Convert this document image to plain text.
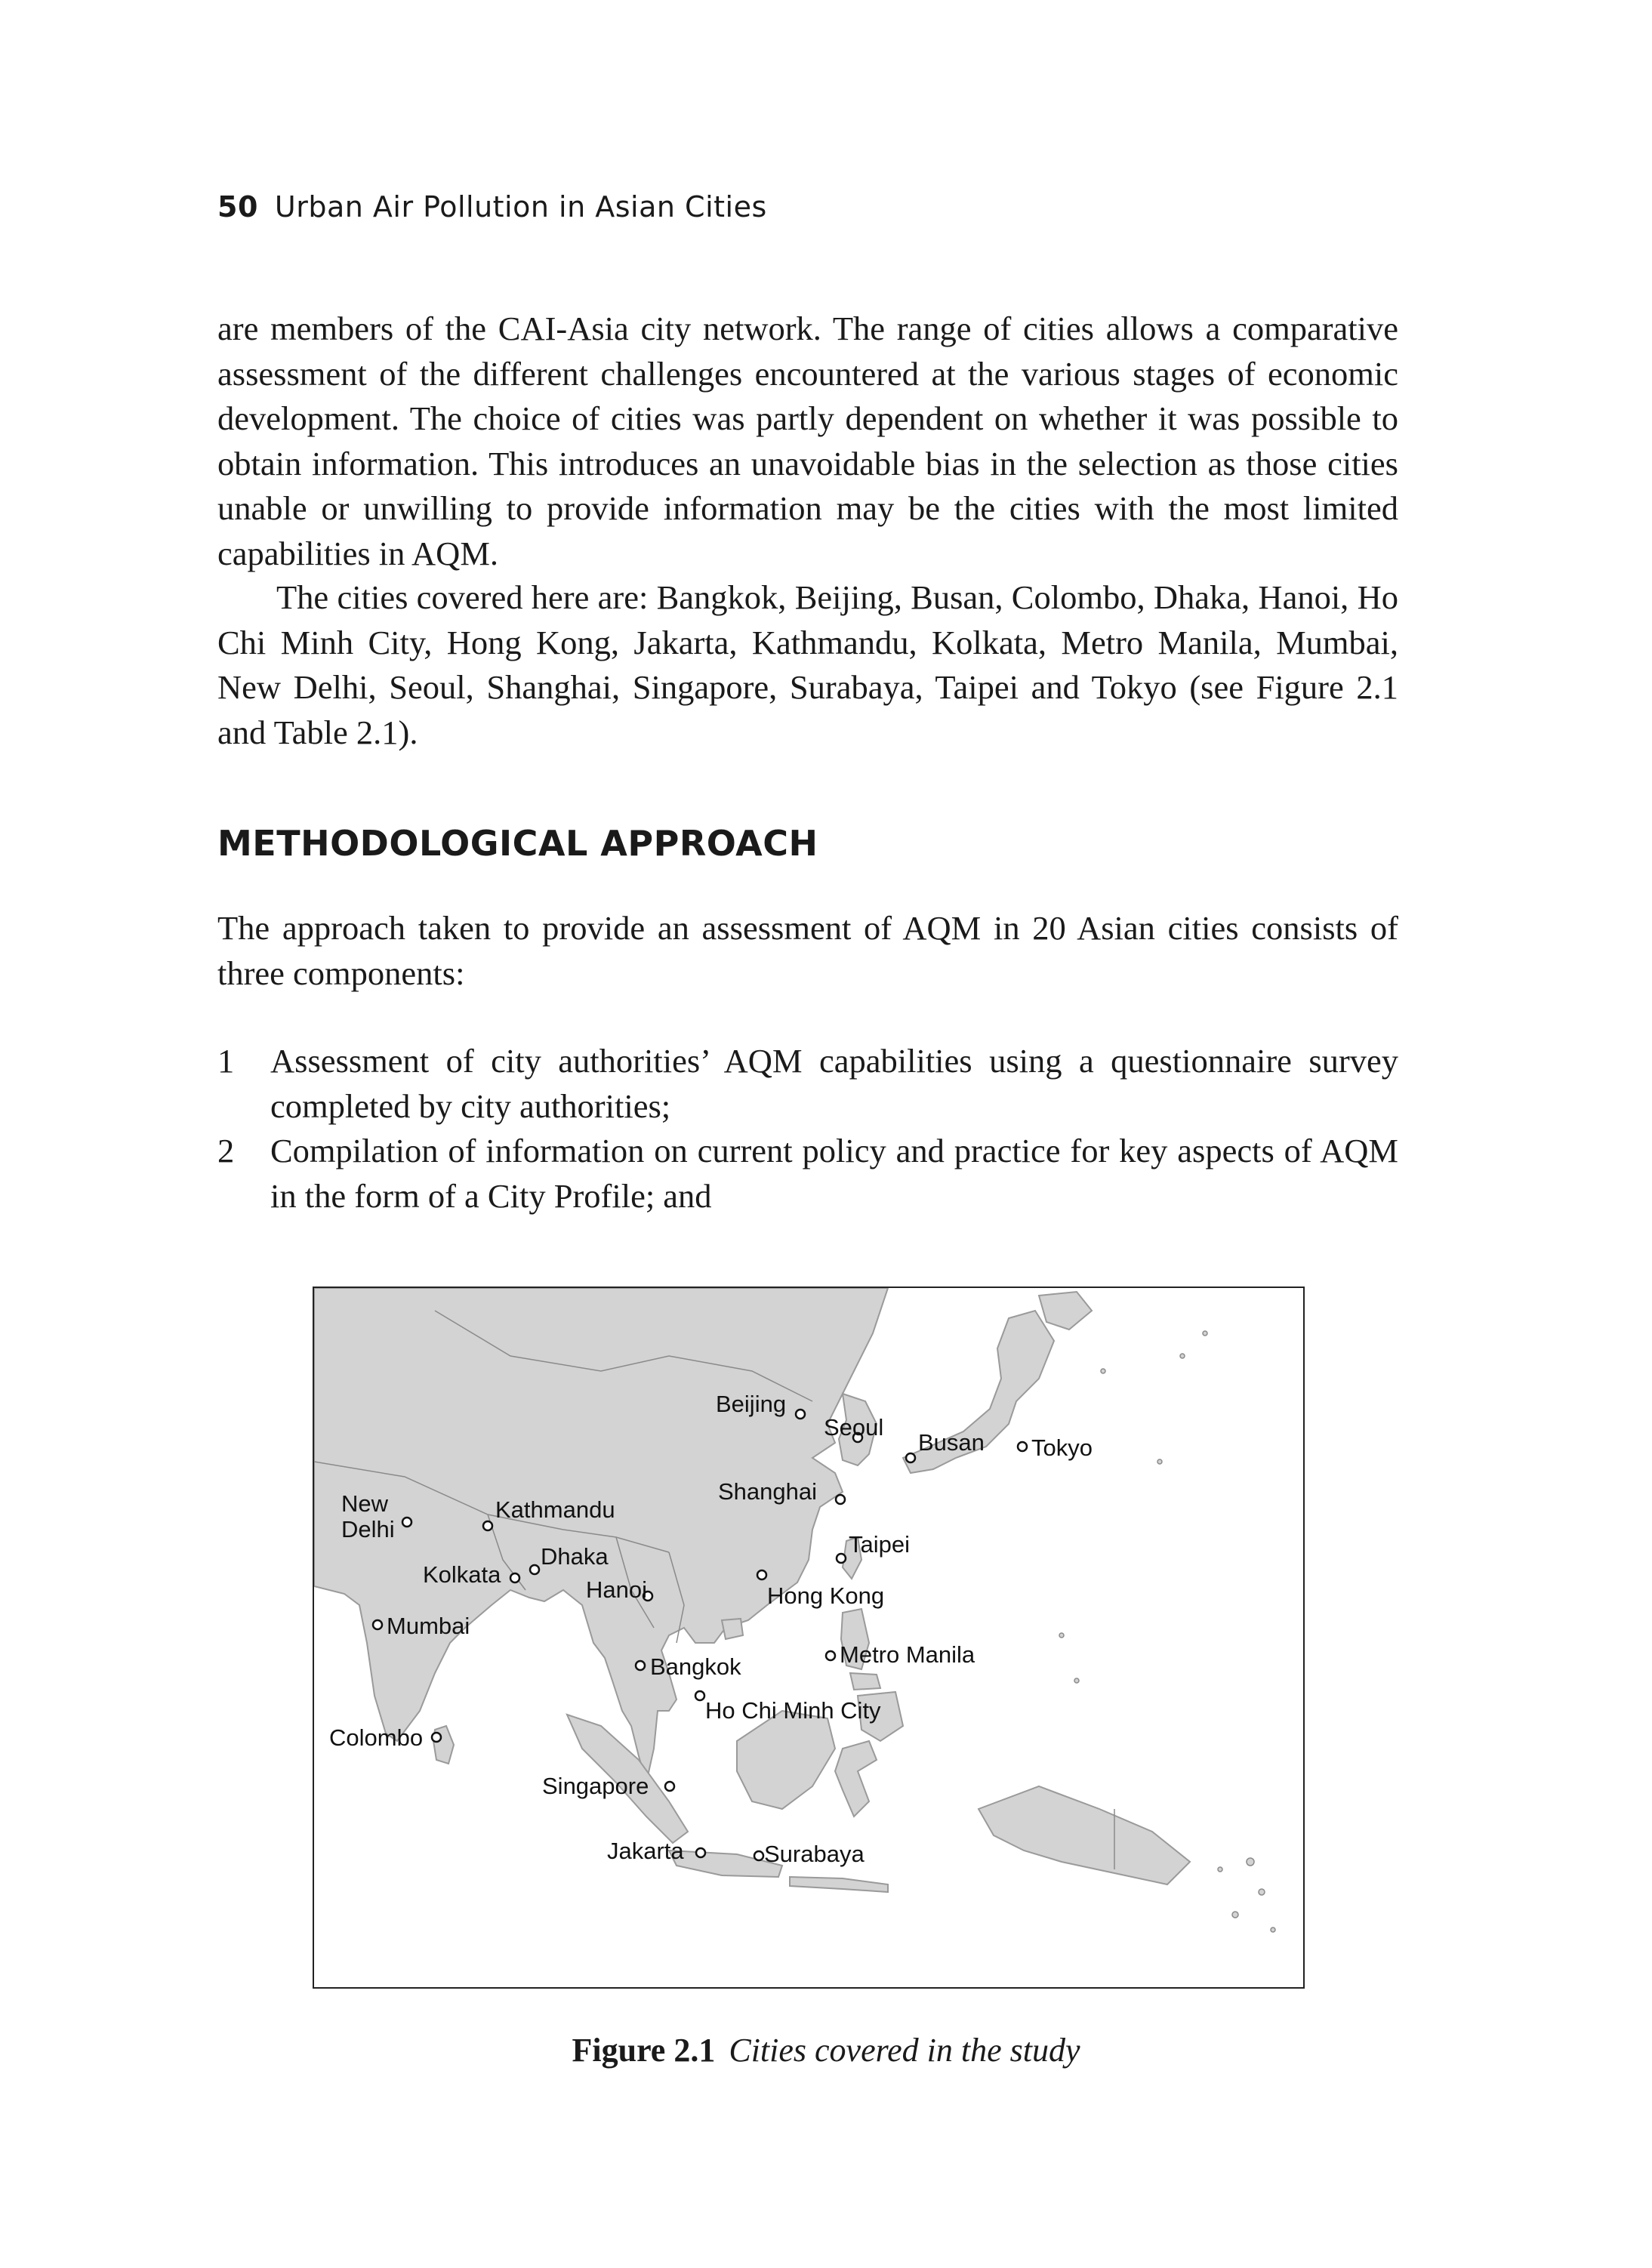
50 Urban Air Pollution in Asian Cities

are members of the CAI-Asia city network. The range of cities allows a comparative assessment of the different challenges encountered at the various stages of economic development. The choice of cities was partly dependent on whether it was possible to obtain information. This introduces an unavoidable bias in the selection as those cities unable or unwilling to provide information may be the cities with the most limited capabilities in AQM.

The cities covered here are: Bangkok, Beijing, Busan, Colombo, Dhaka, Hanoi, Ho Chi Minh City, Hong Kong, Jakarta, Kathmandu, Kolkata, Metro Manila, Mumbai, New Delhi, Seoul, Shanghai, Singapore, Surabaya, Taipei and Tokyo (see Figure 2.1 and Table 2.1).

METHODOLOGICAL APPROACH

The approach taken to provide an assessment of AQM in 20 Asian cities consists of three components:

1	Assessment of city authorities’ AQM capabilities using a questionnaire survey completed by city authorities;
2	Compilation of information on current policy and practice for key aspects of AQM in the form of a City Profile; and
Beijing
Seoul
Busan Tokyo
Shanghai
New
Delhi
Kathmandu
Taipei
Dhaka
Kolkata
Hanoi	Hong Kong
Mumbai
Bangkok	Metro Manila
Ho Chi Minh City
Colombo
Singapore
Jakarta	Surabaya
Figure 2.1 Cities covered in the study
